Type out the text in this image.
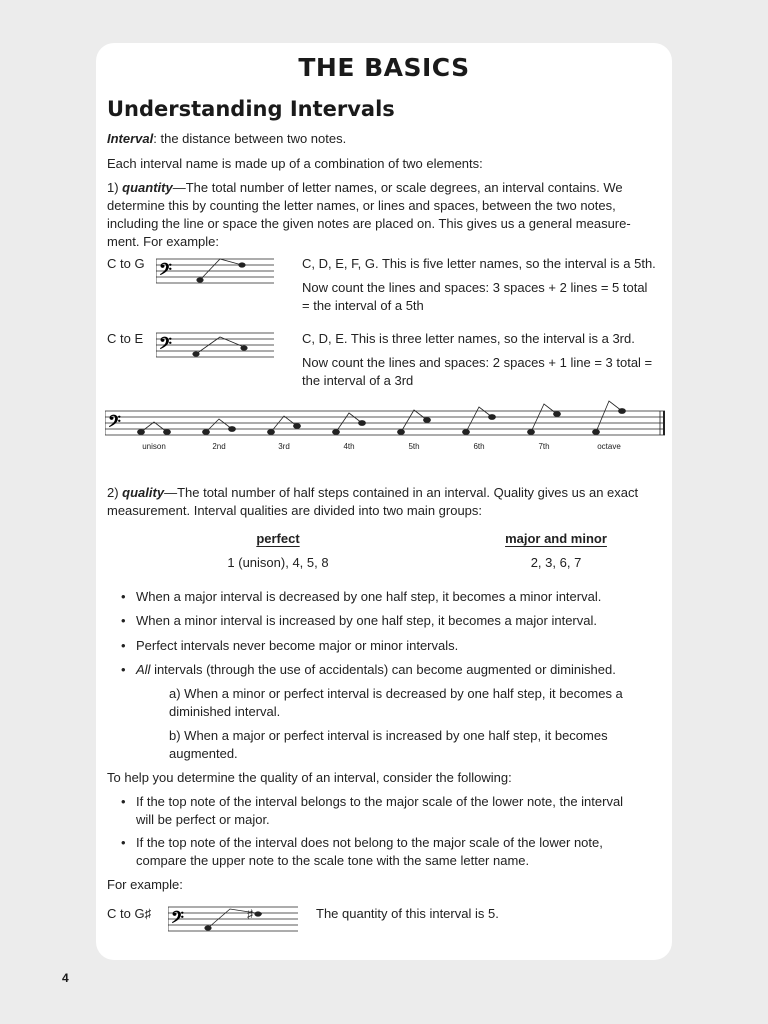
THE BASICS
Understanding Intervals
Interval: the distance between two notes.
Each interval name is made up of a combination of two elements:
1) quantity—The total number of letter names, or scale degrees, an interval contains. We
determine this by counting the letter names, or lines and spaces, between the two notes,
including the line or space the given notes are placed on. This gives us a general measure-
ment. For example:
C to G 𝄢	C, D, E, F, G. This is five letter names, so the interval is a 5th.
Now count the lines and spaces: 3 spaces + 2 lines = 5 total
= the interval of a 5th
C to E 𝄢	C, D, E. This is three letter names, so the interval is a 3rd.
Now count the lines and spaces: 2 spaces + 1 line = 3 total =
the interval of a 3rd
𝄢
unison	2nd	3rd	4th	5th	6th	7th	octave
2) quality—The total number of half steps contained in an interval. Quality gives us an exact
measurement. Interval qualities are divided into two main groups:
perfect
1 (unison), 4, 5, 8
major and minor
2, 3, 6, 7
• When a major interval is decreased by one half step, it becomes a minor interval.
• When a minor interval is increased by one half step, it becomes a major interval.
• Perfect intervals never become major or minor intervals.
• All intervals (through the use of accidentals) can become augmented or diminished.
a) When a minor or perfect interval is decreased by one half step, it becomes a
diminished interval.
b) When a major or perfect interval is increased by one half step, it becomes
augmented.
To help you determine the quality of an interval, consider the following:
• If the top note of the interval belongs to the major scale of the lower note, the interval
will be perfect or major.
• If the top note of the interval does not belong to the major scale of the lower note,
compare the upper note to the scale tone with the same letter name.
For example:
C to G♯ 𝄢	♯	The quantity of this interval is 5.
4
